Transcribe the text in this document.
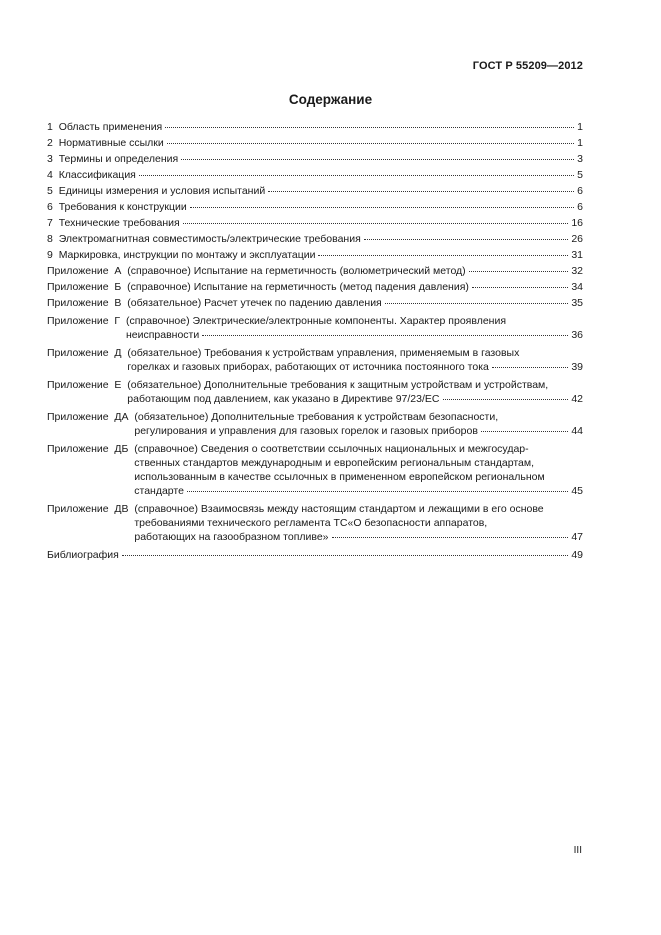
ГОСТ Р 55209—2012
Содержание
1 Область применения	1
2 Нормативные ссылки	1
3 Термины и определения	3
4 Классификация	5
5 Единицы измерения и условия испытаний	6
6 Требования к конструкции	6
7 Технические требования	16
8 Электромагнитная совместимость/электрические требования	26
9 Маркировка, инструкции по монтажу и эксплуатации	31
Приложение  А (справочное) Испытание на герметичность (волюметрический метод)	32
Приложение  Б (справочное) Испытание на герметичность (метод падения давления)	34
Приложение  В (обязательное) Расчет утечек по падению давления	35
Приложение  Г (справочное) Электрические/электронные компоненты. Характер проявления
неисправности	36
Приложение  Д (обязательное) Требования к устройствам управления, применяемым в газовых
горелках и газовых приборах, работающих от источника постоянного тока	39
Приложение  Е (обязательное) Дополнительные требования к защитным устройствам и устройствам,
работающим под давлением, как указано в Директиве 97/23/ЕС	42
Приложение  ДА (обязательное) Дополнительные требования к устройствам безопасности,
регулирования и управления для газовых горелок и газовых приборов	44
Приложение  ДБ (справочное) Сведения о соответствии ссылочных национальных и межгосудар-
ственных стандартов международным и европейским региональным стандартам,
использованным в качестве ссылочных в примененном европейском региональном
стандарте	45
Приложение  ДВ (справочное) Взаимосвязь между настоящим стандартом и лежащими в его основе
требованиями технического регламента ТС«О безопасности аппаратов,
работающих на газообразном топливе»	47
Библиография	49
III
